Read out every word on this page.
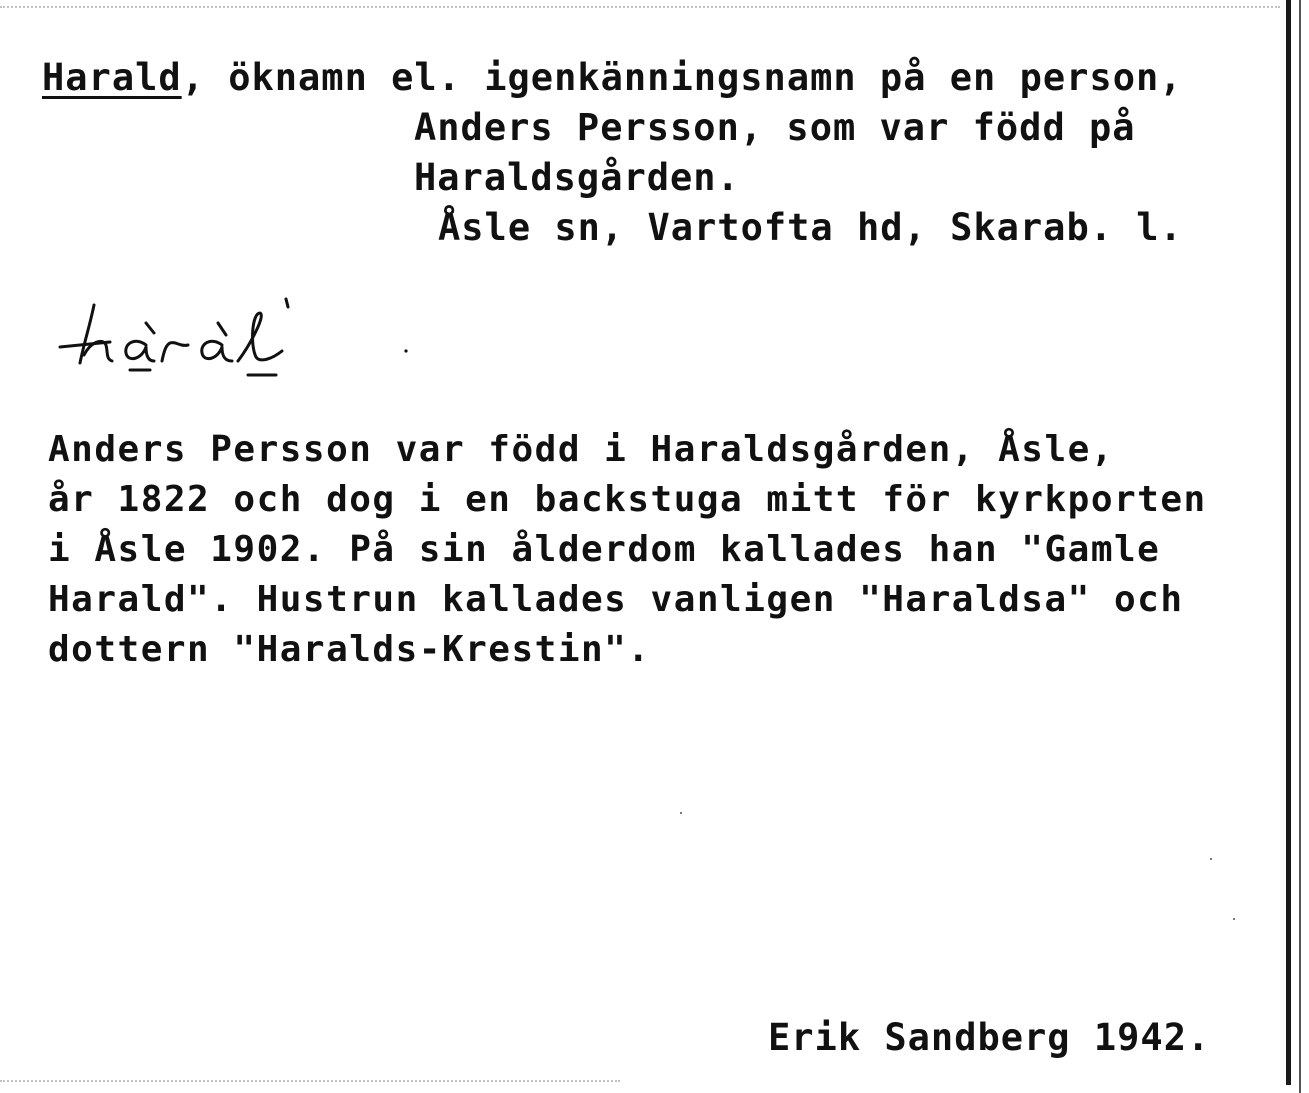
Harald, öknamn el. igenkänningsnamn på en person,
Anders Persson, som var född på
Haraldsgården.
Åsle sn, Vartofta hd, Skarab. l.
hàràl
Anders Persson var född i Haraldsgården, Åsle,
år 1822 och dog i en backstuga mitt för kyrkporten
i Åsle 1902. På sin ålderdom kallades han "Gamle
Harald". Hustrun kallades vanligen "Haraldsa" och
dottern "Haralds-Krestin".
Erik Sandberg 1942.
